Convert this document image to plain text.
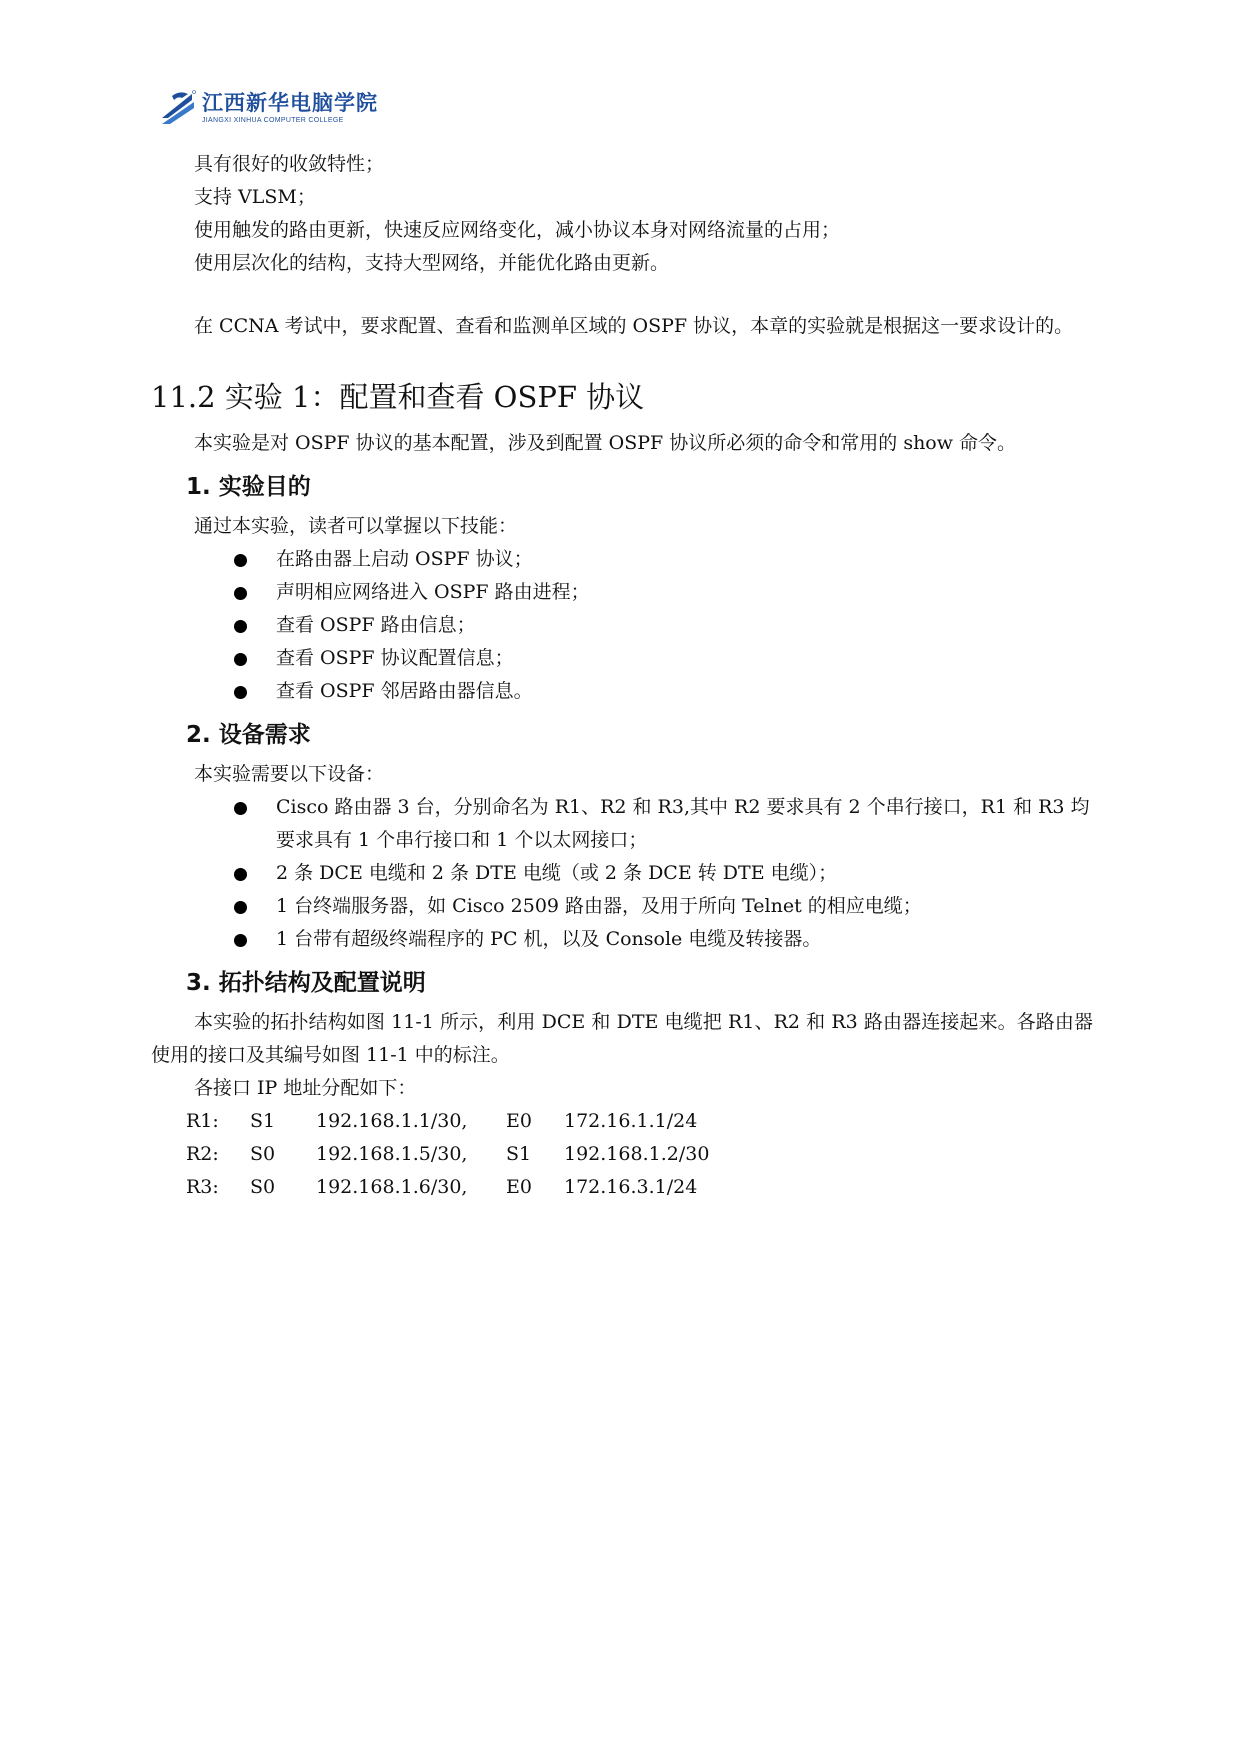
江西新华电脑学院
JIANGXI XINHUA COMPUTER COLLEGE

具有很好的收敛特性；

支持 VLSM；

使用触发的路由更新，快速反应网络变化，减小协议本身对网络流量的占用；

使用层次化的结构，支持大型网络，并能优化路由更新。

在 CCNA 考试中，要求配置、查看和监测单区域的 OSPF 协议，本章的实验就是根据这一要求设计的。

11.2 实验 1：配置和查看 OSPF 协议

本实验是对 OSPF 协议的基本配置，涉及到配置 OSPF 协议所必须的命令和常用的 show 命令。

1. 实验目的

通过本实验，读者可以掌握以下技能：

在路由器上启动 OSPF 协议；
声明相应网络进入 OSPF 路由进程；
查看 OSPF 路由信息；
查看 OSPF 协议配置信息；
查看 OSPF 邻居路由器信息。
2. 设备需求

本实验需要以下设备：

Cisco 路由器 3 台，分别命名为 R1、R2 和 R3,其中 R2 要求具有 2 个串行接口，R1 和 R3 均要求具有 1 个串行接口和 1 个以太网接口；
2 条 DCE 电缆和 2 条 DTE 电缆（或 2 条 DCE 转 DTE 电缆）；
1 台终端服务器，如 Cisco 2509 路由器，及用于所向 Telnet 的相应电缆；
1 台带有超级终端程序的 PC 机，以及 Console 电缆及转接器。
3. 拓扑结构及配置说明

本实验的拓扑结构如图 11-1 所示，利用 DCE 和 DTE 电缆把 R1、R2 和 R3 路由器连接起来。各路由器使用的接口及其编号如图 11-1 中的标注。

各接口 IP 地址分配如下：

R1:	S1	192.168.1.1/30,	E0	172.16.1.1/24
R2:	S0	192.168.1.5/30,	S1	192.168.1.2/30
R3:	S0	192.168.1.6/30,	E0	172.16.3.1/24
